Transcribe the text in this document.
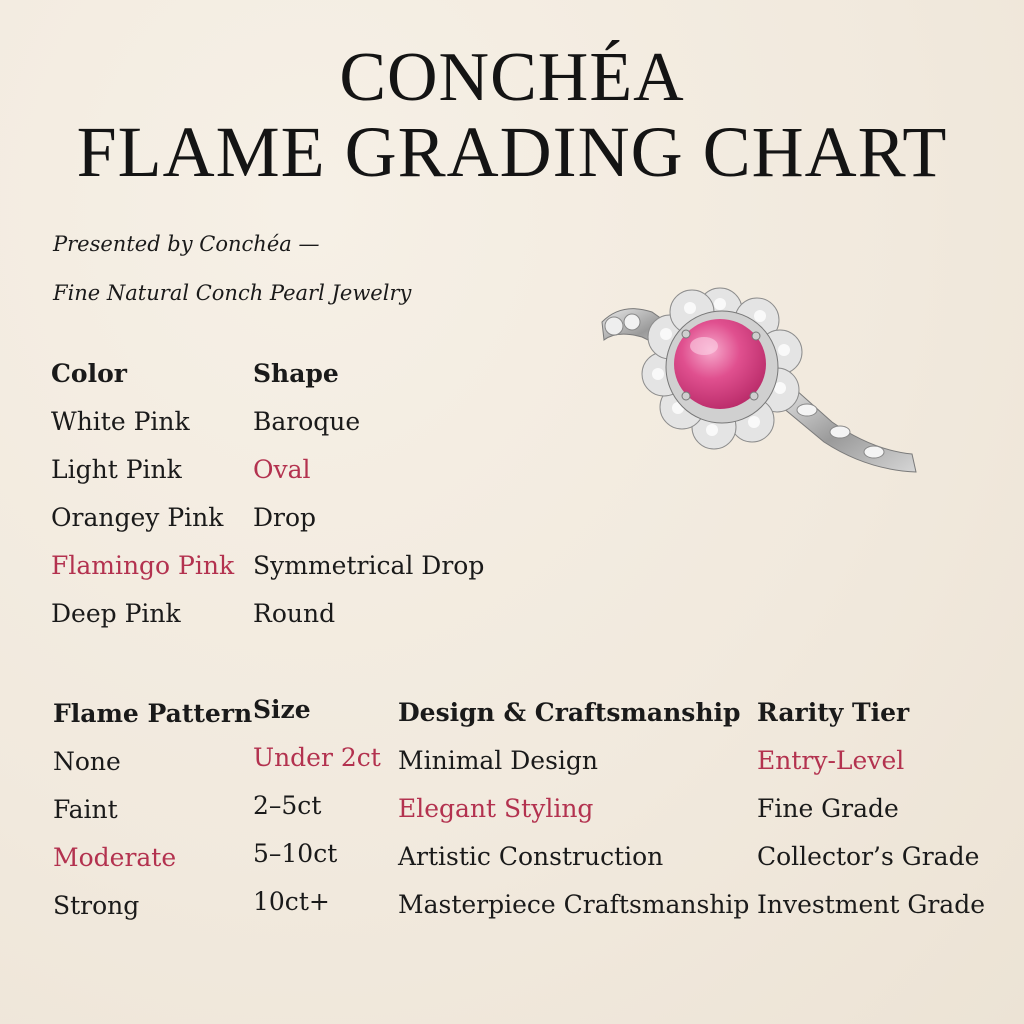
CONCHÉA
FLAME GRADING CHART
Presented by Conchéa —
Fine Natural Conch Pearl Jewelry
Color
White Pink
Light Pink
Orangey Pink
Flamingo Pink
Deep Pink
Shape
Baroque
Oval
Drop
Symmetrical Drop
Round
Flame Pattern
None
Faint
Moderate
Strong
Size
Under 2ct
2–5ct
5–10ct
10ct+
Design & Craftsmanship
Minimal Design
Elegant Styling
Artistic Construction
Masterpiece Craftsmanship
Rarity Tier
Entry-Level
Fine Grade
Collector’s Grade
Investment Grade
